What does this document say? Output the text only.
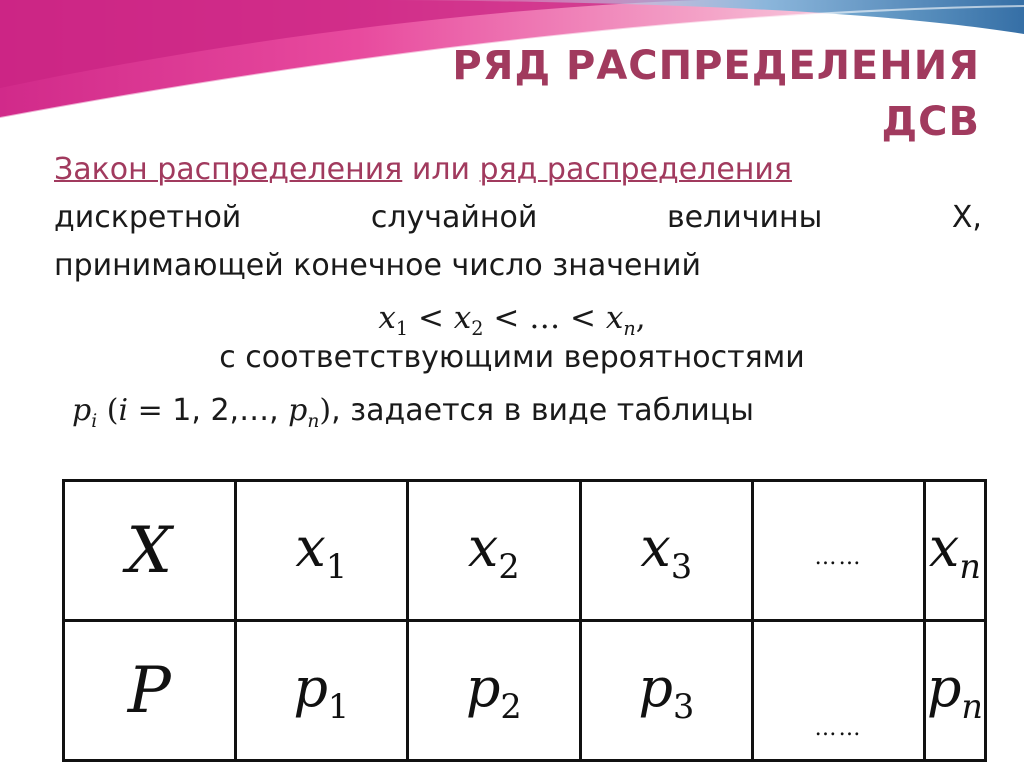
РЯД РАСПРЕДЕЛЕНИЯ
ДСВ
Закон распределения или ряд распределения
дискретной	случайной	величины	Х,
принимающей конечное число значений
$x_1 < x_2$ < … < $x_n$,
с соответствующими вероятностями
$p_i$ (i = 1, 2,…, $p_n$), задается в виде таблицы
X	$x_1$	$x_2$	$x_3$	……	$x_n$
P	$p_1$	$p_2$	$p_3$	……	$p_n$
